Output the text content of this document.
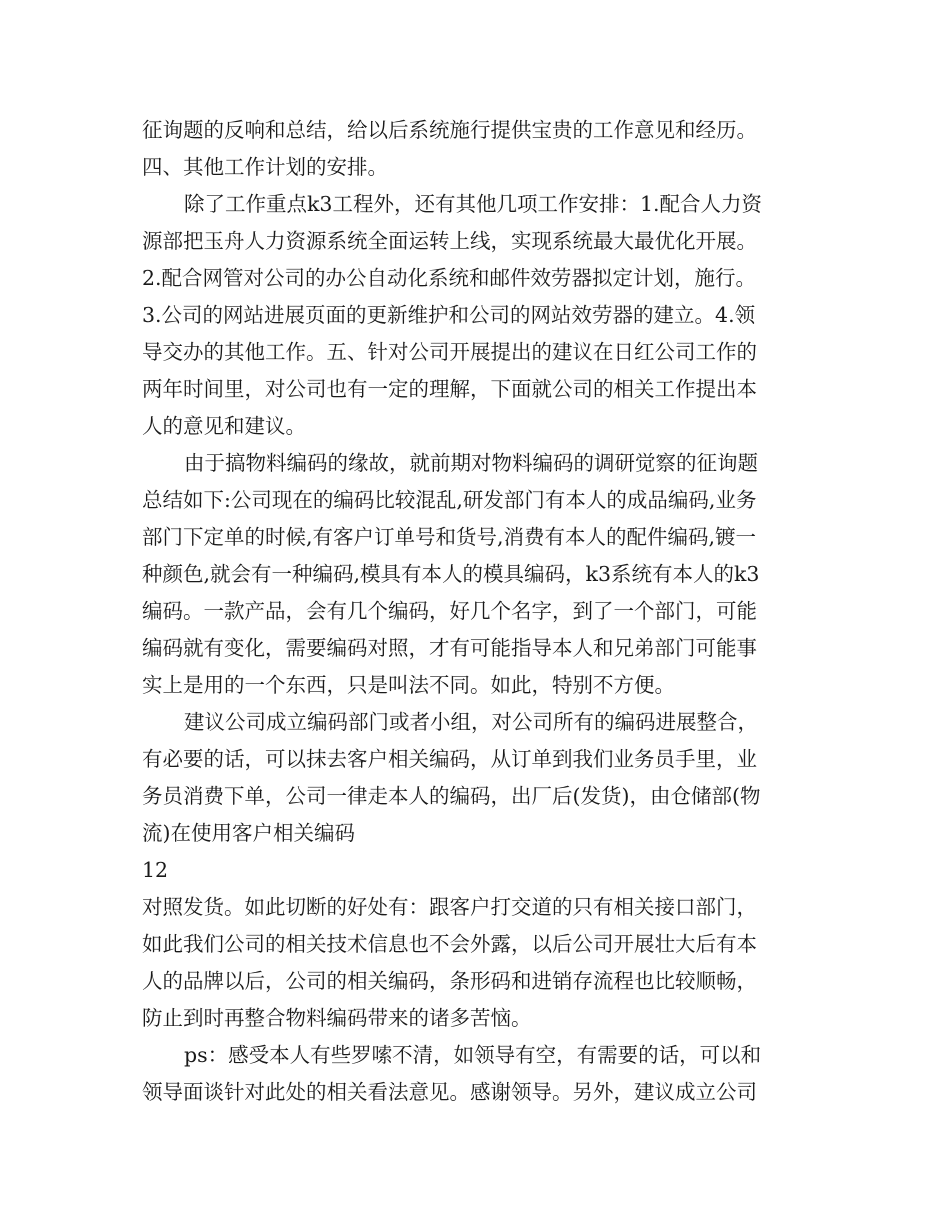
征询题的反响和总结，给以后系统施行提供宝贵的工作意见和经历。
四、其他工作计划的安排。
除了工作重点k3工程外，还有其他几项工作安排：1.配合人力资
源部把玉舟人力资源系统全面运转上线，实现系统最大最优化开展。
2.配合网管对公司的办公自动化系统和邮件效劳器拟定计划，施行。
3.公司的网站进展页面的更新维护和公司的网站效劳器的建立。4.领
导交办的其他工作。五、针对公司开展提出的建议在日红公司工作的
两年时间里，对公司也有一定的理解，下面就公司的相关工作提出本
人的意见和建议。
由于搞物料编码的缘故，就前期对物料编码的调研觉察的征询题
总结如下:公司现在的编码比较混乱,研发部门有本人的成品编码,业务
部门下定单的时候,有客户订单号和货号,消费有本人的配件编码,镀一
种颜色,就会有一种编码,模具有本人的模具编码，k3系统有本人的k3
编码。一款产品，会有几个编码，好几个名字，到了一个部门，可能
编码就有变化，需要编码对照，才有可能指导本人和兄弟部门可能事
实上是用的一个东西，只是叫法不同。如此，特别不方便。
建议公司成立编码部门或者小组，对公司所有的编码进展整合，
有必要的话，可以抹去客户相关编码，从订单到我们业务员手里，业
务员消费下单，公司一律走本人的编码，出厂后(发货)，由仓储部(物
流)在使用客户相关编码
12
对照发货。如此切断的好处有：跟客户打交道的只有相关接口部门，
如此我们公司的相关技术信息也不会外露，以后公司开展壮大后有本
人的品牌以后，公司的相关编码，条形码和进销存流程也比较顺畅，
防止到时再整合物料编码带来的诸多苦恼。
ps：感受本人有些罗嗦不清，如领导有空，有需要的话，可以和
领导面谈针对此处的相关看法意见。感谢领导。另外，建议成立公司
